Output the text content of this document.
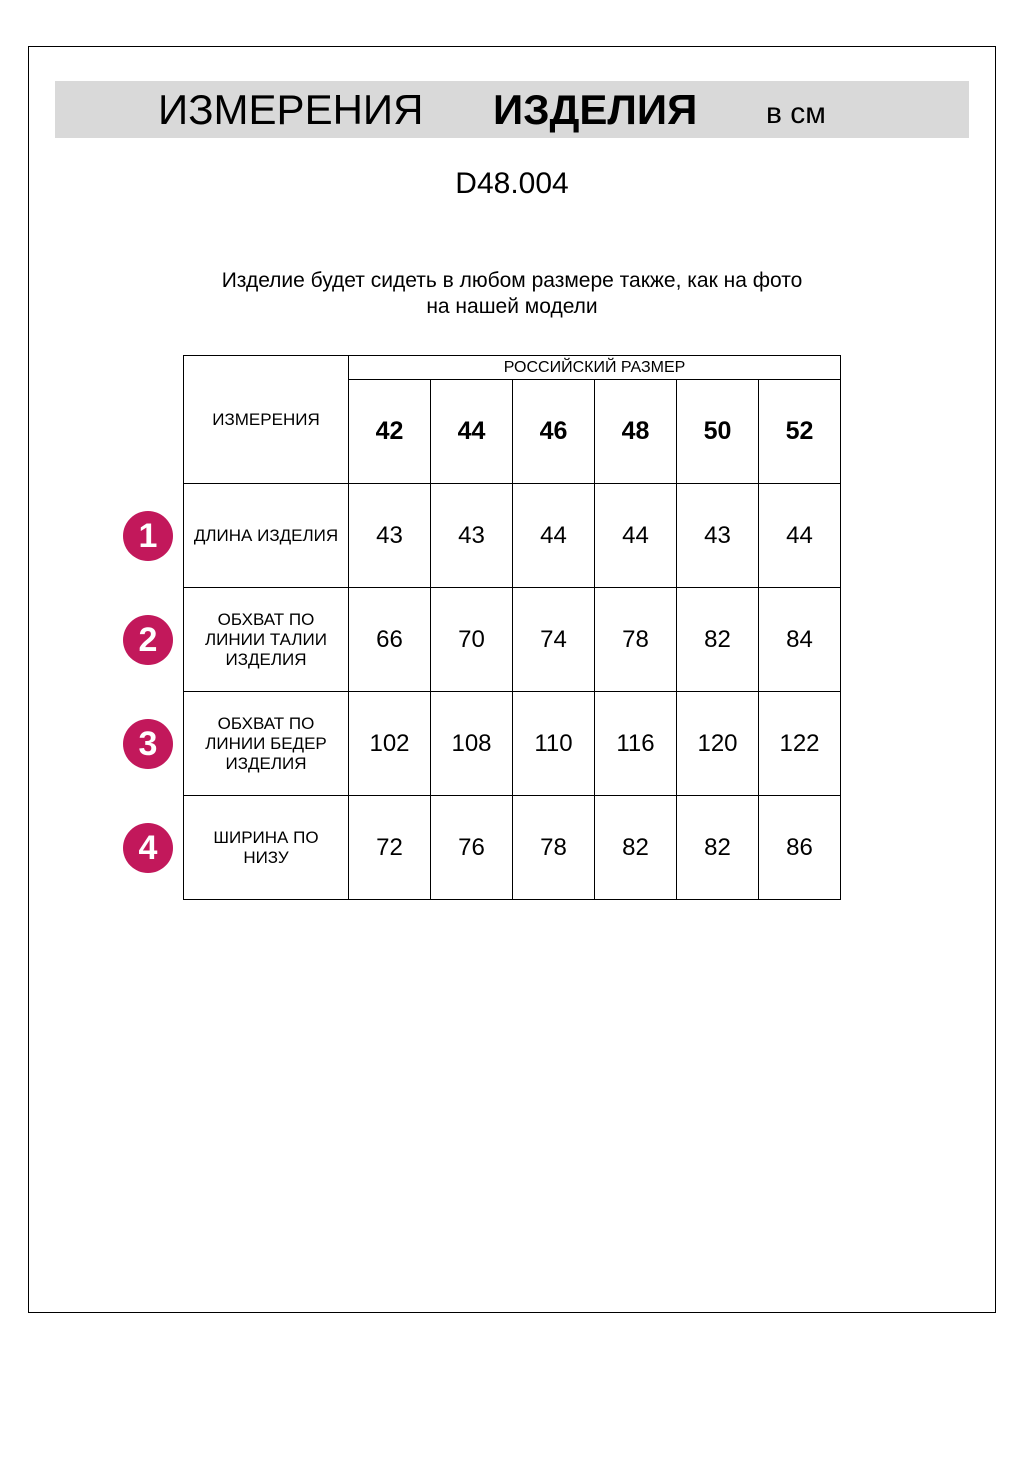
ИЗМЕРЕНИЯ ИЗДЕЛИЯ в см
D48.004
Изделие будет сидеть в любом размере также, как на фото
на нашей модели
ИЗМЕРЕНИЯ	РОССИЙСКИЙ РАЗМЕР					
	42	44	46	48	50	52

ДЛИНА ИЗДЕЛИЯ	43	43	44	44	43	44

ОБХВАТ ПО
ЛИНИИ ТАЛИИ
ИЗДЕЛИЯ	66	70	74	78	82	84

ОБХВАТ ПО
ЛИНИИ БЕДЕР
ИЗДЕЛИЯ	102	108	110	116	120	122

ШИРИНА ПО
НИЗУ	72	76	78	82	82	86
1
2
3
4
